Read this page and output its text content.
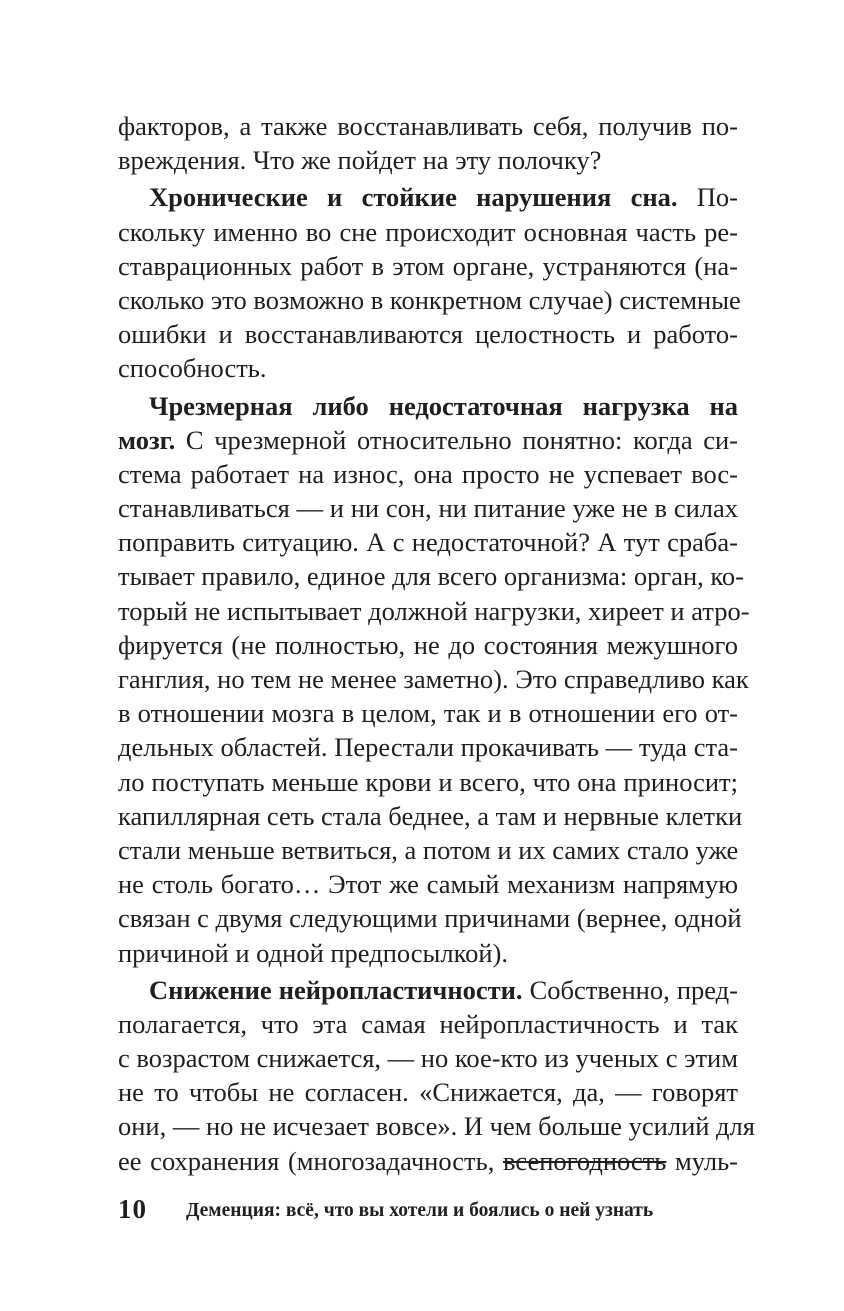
факторов, а также восстанавливать себя, получив по-
вреждения. Что же пойдет на эту полочку?
Хронические и стойкие нарушения сна. По-
скольку именно во сне происходит основная часть ре-
ставрационных работ в этом органе, устраняются (на-
сколько это возможно в конкретном случае) системные
ошибки и восстанавливаются целостность и работо-
способность.
Чрезмерная либо недостаточная нагрузка на
мозг. С чрезмерной относительно понятно: когда си-
стема работает на износ, она просто не успевает вос-
станавливаться — и ни сон, ни питание уже не в силах
поправить ситуацию. А с недостаточной? А тут сраба-
тывает правило, единое для всего организма: орган, ко-
торый не испытывает должной нагрузки, хиреет и атро-
фируется (не полностью, не до состояния межушного
ганглия, но тем не менее заметно). Это справедливо как
в отношении мозга в целом, так и в отношении его от-
дельных областей. Перестали прокачивать — туда ста-
ло поступать меньше крови и всего, что она приносит;
капиллярная сеть стала беднее, а там и нервные клетки
стали меньше ветвиться, а потом и их самих стало уже
не столь богато… Этот же самый механизм напрямую
связан с двумя следующими причинами (вернее, одной
причиной и одной предпосылкой).
Снижение нейропластичности. Собственно, пред-
полагается, что эта самая нейропластичность и так
с возрастом снижается, — но кое-кто из ученых с этим
не то чтобы не согласен. «Снижается, да, — говорят
они, — но не исчезает вовсе». И чем больше усилий для
ее сохранения (многозадачность, всепогодность муль-
10 Деменция: всё, что вы хотели и боялись о ней узнать
